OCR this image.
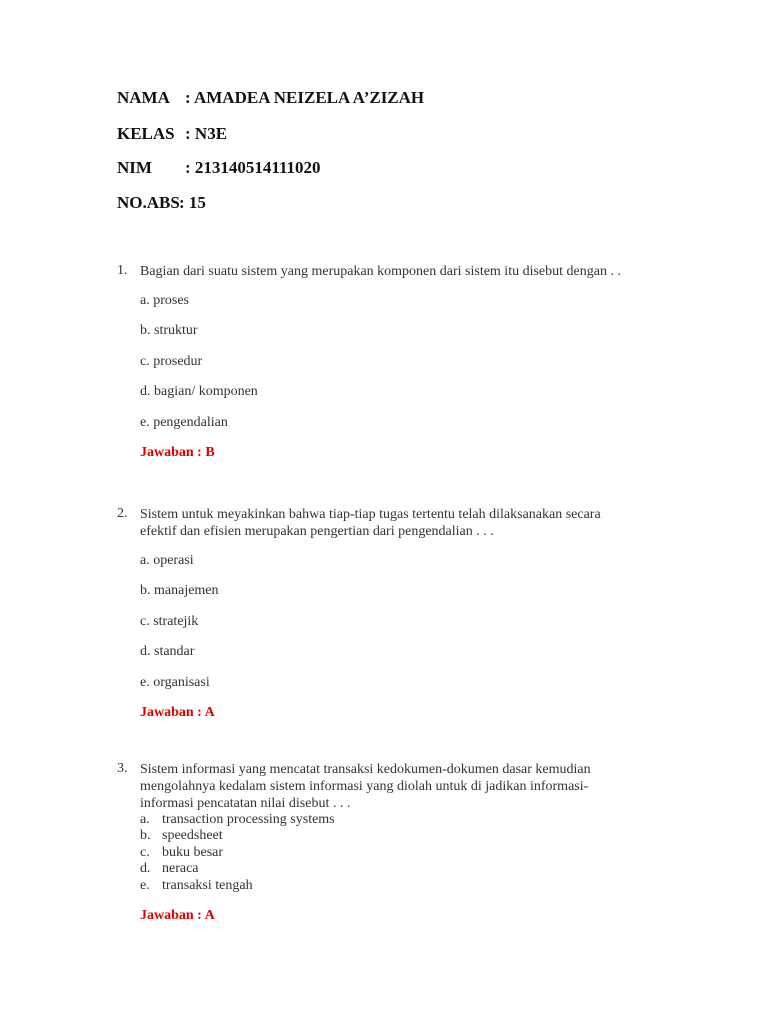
NAMA : AMADEA NEIZELA A’ZIZAH
KELAS : N3E
NIM : 213140514111020
NO.ABS: 15
1. Bagian dari suatu sistem yang merupakan komponen dari sistem itu disebut dengan . .
a. proses
b. struktur
c. prosedur
d. bagian/ komponen
e. pengendalian
Jawaban : B
2. Sistem untuk meyakinkan bahwa tiap-tiap tugas tertentu telah dilaksanakan secara
efektif dan efisien merupakan pengertian dari pengendalian . . .
a. operasi
b. manajemen
c. stratejik
d. standar
e. organisasi
Jawaban : A
3. Sistem informasi yang mencatat transaksi kedokumen-dokumen dasar kemudian
mengolahnya kedalam sistem informasi yang diolah untuk di jadikan informasi-
informasi pencatatan nilai disebut . . .
a. transaction processing systems
b. speedsheet
c. buku besar
d. neraca
e. transaksi tengah
Jawaban : A
